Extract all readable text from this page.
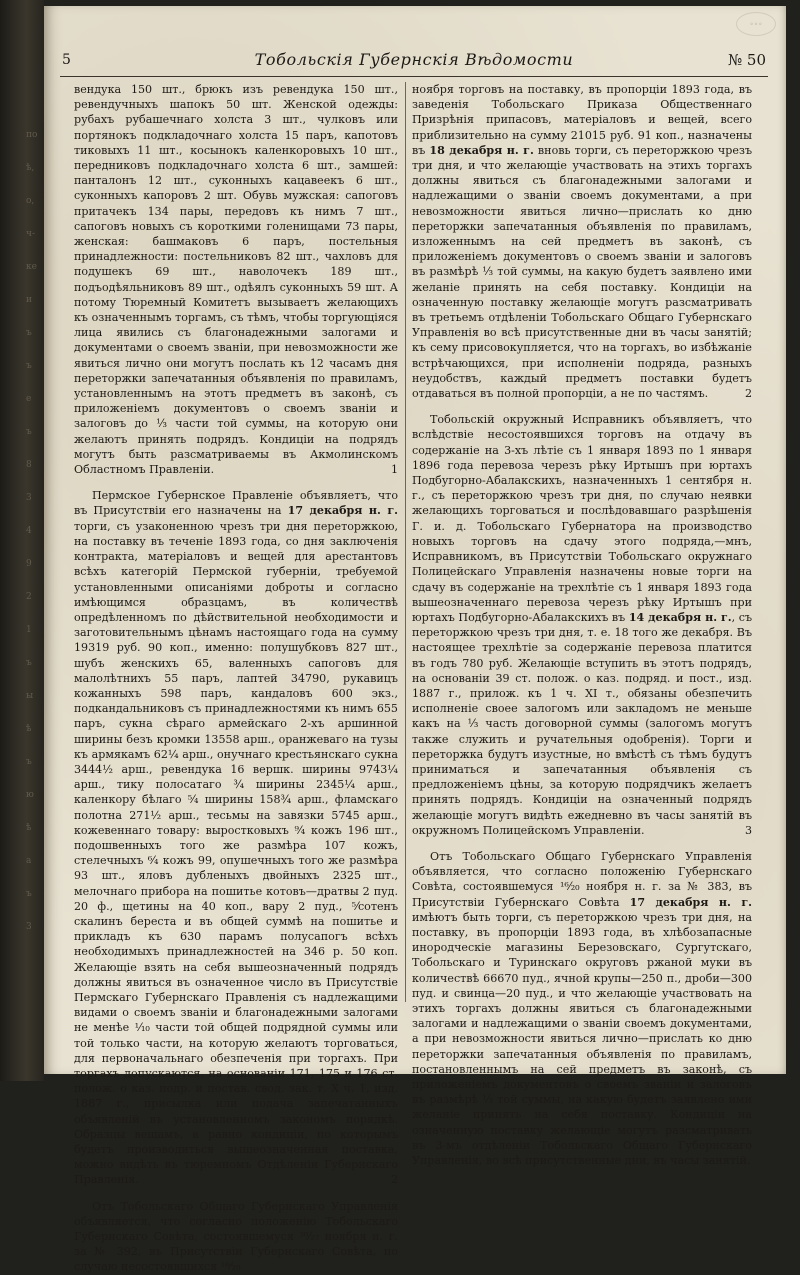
по

ѣ,

о,

ч-

ке

и

ъ

ъ

е

ъ

8

3

4

9

2

1

ъ

ы

ѣ

ъ

ю

ѣ

а

ъ

3
∘∘∘
5	Тобольскія Губернскія Вѣдомости	№ 50

вендука 150 шт., брюкъ изъ ревендука 150 шт., ревендучныхъ шапокъ 50 шт. Женской одежды: рубахъ рубашечнаго холста 3 шт., чулковъ или портянокъ подкладочнаго холста 15 паръ, капотовъ тиковыхъ 11 шт., косынокъ каленкоровыхъ 10 шт., передниковъ подкладочнаго холста 6 шт., замшей: панталонъ 12 шт., суконныхъ кацавеекъ 6 шт., суконныхъ капоровъ 2 шт. Обувь мужская: сапоговъ притачекъ 134 пары, передовъ къ нимъ 7 шт., сапоговъ новыхъ съ короткими голенищами 73 пары, женская: башмаковъ 6 паръ, постельныя принадлежности: постельниковъ 82 шт., чахловъ для подушекъ 69 шт., наволочекъ 189 шт., подъодѣяльниковъ 89 шт., одѣялъ суконныхъ 59 шт. А потому Тюремный Комитетъ вызываетъ желающихъ къ означеннымъ торгамъ, съ тѣмъ, чтобы торгующіяся лица явились съ благонадежными залогами и документами о своемъ званіи, при невозможности же явиться лично они могутъ послать къ 12 часамъ дня переторжки запечатанныя объявленія по правиламъ, установленнымъ на этотъ предметъ въ законѣ, съ приложеніемъ документовъ о своемъ званіи и залоговъ до ⅓ части той суммы, на которую они желаютъ принять подрядъ. Кондиціи на подрядъ могутъ быть разсматриваемы въ Акмолинскомъ Областномъ Правленіи.	1

Пермское Губернское Правленіе объявляетъ, что въ Присутствіи его назначены на 17 декабря н. г. торги, съ узаконенною чрезъ три дня переторжкою, на поставку въ теченіе 1893 года, со дня заключенія контракта, матеріаловъ и вещей для арестантовъ всѣхъ категорій Пермской губерніи, требуемой установленными описаніями доброты и согласно имѣющимся образцамъ, въ количествѣ опредѣленномъ по дѣйствительной необходимости и заготовительнымъ цѣнамъ настоящаго года на сумму 19319 руб. 90 коп., именно: полушубковъ 827 шт., шубъ женскихъ 65, валенныхъ сапоговъ для малолѣтнихъ 55 паръ, лаптей 34790, рукавицъ кожанныхъ 598 паръ, кандаловъ 600 экз., подкандальниковъ съ принадлежностями къ нимъ 655 паръ, сукна сѣраго армейскаго 2-хъ аршинной ширины безъ кромки 13558 арш., оранжеваго на тузы къ армякамъ 62¼ арш., онучнаго крестьянскаго сукна 3444½ арш., ревендука 16 вершк. ширины 9743¼ арш., тику полосатаго ¾ ширины 2345¼ арш., каленкору бѣлаго ⁵⁄₄ ширины 158¾ арш., фламскаго полотна 271½ арш., тесьмы на завязки 5745 арш., кожевеннаго товару: выростковыхъ ⁹⁄₄ кожъ 196 шт., подошвенныхъ того же размѣра 107 кожъ, стелечныхъ ⁶⁄₄ кожъ 99, опушечныхъ того же размѣра 93 шт., яловъ дубленыхъ двойныхъ 2325 шт., мелочнаго прибора на пошитье котовъ—дратвы 2 пуд. 20 ф., щетины на 40 коп., вару 2 пуд., ⁵⁄сотенъ скалинъ береста и въ общей суммѣ на пошитье и прикладъ къ 630 парамъ полусапогъ всѣхъ необходимыхъ принадлежностей на 346 р. 50 коп. Желающіе взять на себя вышеозначенный подрядъ должны явиться въ означенное число въ Присутствіе Пермскаго Губернскаго Правленія съ надлежащими видами о своемъ званіи и благонадежными залогами не менѣе ¹⁄₁₀ части той общей подрядной суммы или той только части, на которую желаютъ торговаться, для первоначальнаго обезпеченія при торгахъ. При торгахъ допускаются, на основаніи 171, 175 и 176 ст. полож. о каз. подр. и постав. свод. зак. т. X ч. 1, изд. 1887 г., присылка или подача запечатанныхъ объявленій въ установленномъ закономъ порядкѣ. Образцы вещамъ, а равно кондиціи, по которымъ будетъ производиться вышеозначенная поставка, можно видѣть въ тюремномъ Отдѣленіи Губернскаго Правленія.	2

Отъ Тобольскаго Общаго Губернскаго Управленія объявляется, что согласно положенію Тобольскаго Губернскаго Совѣта, состоявшемуся ²⁰⁄₂₇ ноября н. г. за № 392, въ Присутствіи Губернскаго Совѣта, по случаю несостоявшихся ¹⁶⁄₂₀

ноября торговъ на поставку, въ пропорціи 1893 года, въ заведенія Тобольскаго Приказа Общественнаго Призрѣнія припасовъ, матеріаловъ и вещей, всего приблизительно на сумму 21015 руб. 91 коп., назначены въ 18 декабря н. г. вновь торги, съ переторжкою чрезъ три дня, и что желающіе участвовать на этихъ торгахъ должны явиться съ благонадежными залогами и надлежащими о званіи своемъ документами, а при невозможности явиться лично—прислать ко дню переторжки запечатанныя объявленія по правиламъ, изложеннымъ на сей предметъ въ законѣ, съ приложеніемъ документовъ о своемъ званіи и залоговъ въ размѣрѣ ⅓ той суммы, на какую будетъ заявлено ими желаніе принять на себя поставку. Кондиціи на означенную поставку желающіе могутъ разсматривать въ третьемъ отдѣленіи Тобольскаго Общаго Губернскаго Управленія во всѣ присутственные дни въ часы занятій; къ сему присовокупляется, что на торгахъ, во избѣжаніе встрѣчающихся, при исполненіи подряда, разныхъ неудобствъ, каждый предметъ поставки будетъ отдаваться въ полной пропорціи, а не по частямъ.	2

Тобольскій окружный Исправникъ объявляетъ, что вслѣдствіе несостоявшихся торговъ на отдачу въ содержаніе на 3-хъ лѣтіе съ 1 января 1893 по 1 января 1896 года перевоза черезъ рѣку Иртышъ при юртахъ Подбугорно-Абалакскихъ, назначенныхъ 1 сентября н. г., съ переторжкою чрезъ три дня, по случаю неявки желающихъ торговаться и послѣдовавшаго разрѣшенія Г. и. д. Тобольскаго Губернатора на производство новыхъ торговъ на сдачу этого подряда,—мнъ, Исправникомъ, въ Присутствіи Тобольскаго окружнаго Полицейскаго Управленія назначены новые торги на сдачу въ содержаніе на трехлѣтіе съ 1 января 1893 года вышеозначеннаго перевоза черезъ рѣку Иртышъ при юртахъ Подбугорно-Абалакскихъ въ 14 декабря н. г., съ переторжкою чрезъ три дня, т. е. 18 того же декабря. Въ настоящее трехлѣтіе за содержаніе перевоза платится въ годъ 780 руб. Желающіе вступить въ этотъ подрядъ, на основаніи 39 ст. полож. о каз. подряд. и пост., изд. 1887 г., прилож. къ 1 ч. XI т., обязаны обезпечить исполненіе своее залогомъ или закладомъ не меньше какъ на ⅓ часть договорной суммы (залогомъ могутъ также служить и ручательныя одобренія). Торги и переторжка будутъ изустные, но вмѣстѣ съ тѣмъ будутъ приниматься и запечатанныя объявленія съ предложеніемъ цѣны, за которую подрядчикъ желаетъ принять подрядъ. Кондиціи на означенный подрядъ желающіе могутъ видѣть ежедневно въ часы занятій въ окружномъ Полицейскомъ Управленіи.	3

Отъ Тобольскаго Общаго Губернскаго Управленія объявляется, что согласно положенію Губернскаго Совѣта, состоявшемуся ¹⁶⁄₂₀ ноября н. г. за № 383, въ Присутствіи Губернскаго Совѣта 17 декабря н. г. имѣютъ быть торги, съ переторжкою чрезъ три дня, на поставку, въ пропорціи 1893 года, въ хлѣбозапасные инородческіе магазины Березовскаго, Сургутскаго, Тобольскаго и Туринскаго округовъ ржаной муки въ количествѣ 66670 пуд., ячной крупы—250 п., дроби—300 пуд. и свинца—20 пуд., и что желающіе участвовать на этихъ торгахъ должны явиться съ благонадежными залогами и надлежащими о званіи своемъ документами, а при невозможности явиться лично—прислать ко дню переторжки запечатанныя объявленія по правиламъ, постановленнымъ на сей предметъ въ законѣ, съ приложеніемъ документовъ о своемъ званіи и залоговъ въ размѣрѣ ⅓ той суммы, на какую будетъ заявлено ими желаніе принять на себя поставку. Кондиціи на означенную поставку желающіе могутъ разсматривать въ 3-мъ отдѣленіи Тобольскаго Общаго Губернскаго Управленія, во всѣ присутственные дни, въ часы занятій.
